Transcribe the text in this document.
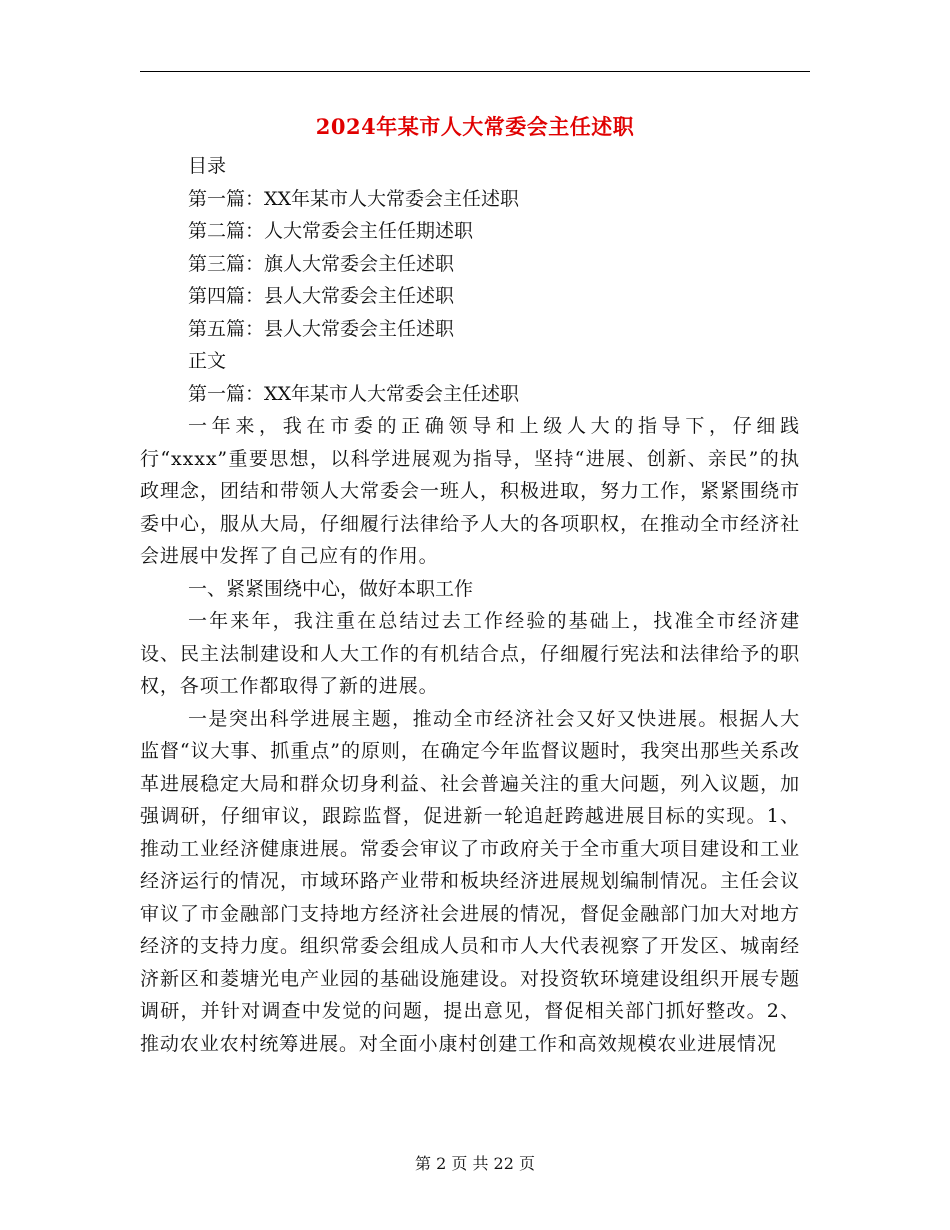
2024年某市人大常委会主任述职
目录
第一篇：XX年某市人大常委会主任述职
第二篇：人大常委会主任任期述职
第三篇：旗人大常委会主任述职
第四篇：县人大常委会主任述职
第五篇：县人大常委会主任述职
正文
第一篇：XX年某市人大常委会主任述职
一年来，我在市委的正确领导和上级人大的指导下，仔细践行“xxxx”重要思想，以科学进展观为指导，坚持“进展、创新、亲民”的执政理念，团结和带领人大常委会一班人，积极进取，努力工作，紧紧围绕市委中心，服从大局，仔细履行法律给予人大的各项职权，在推动全市经济社会进展中发挥了自己应有的作用。
一、紧紧围绕中心，做好本职工作
一年来年，我注重在总结过去工作经验的基础上，找准全市经济建设、民主法制建设和人大工作的有机结合点，仔细履行宪法和法律给予的职权，各项工作都取得了新的进展。
一是突出科学进展主题，推动全市经济社会又好又快进展。根据人大监督“议大事、抓重点”的原则，在确定今年监督议题时，我突出那些关系改革进展稳定大局和群众切身利益、社会普遍关注的重大问题，列入议题，加强调研，仔细审议，跟踪监督，促进新一轮追赶跨越进展目标的实现。1、推动工业经济健康进展。常委会审议了市政府关于全市重大项目建设和工业经济运行的情况，市域环路产业带和板块经济进展规划编制情况。主任会议审议了市金融部门支持地方经济社会进展的情况，督促金融部门加大对地方经济的支持力度。组织常委会组成人员和市人大代表视察了开发区、城南经济新区和菱塘光电产业园的基础设施建设。对投资软环境建设组织开展专题调研，并针对调查中发觉的问题，提出意见，督促相关部门抓好整改。2、推动农业农村统筹进展。对全面小康村创建工作和高效规模农业进展情况
第 2 页 共 22 页
